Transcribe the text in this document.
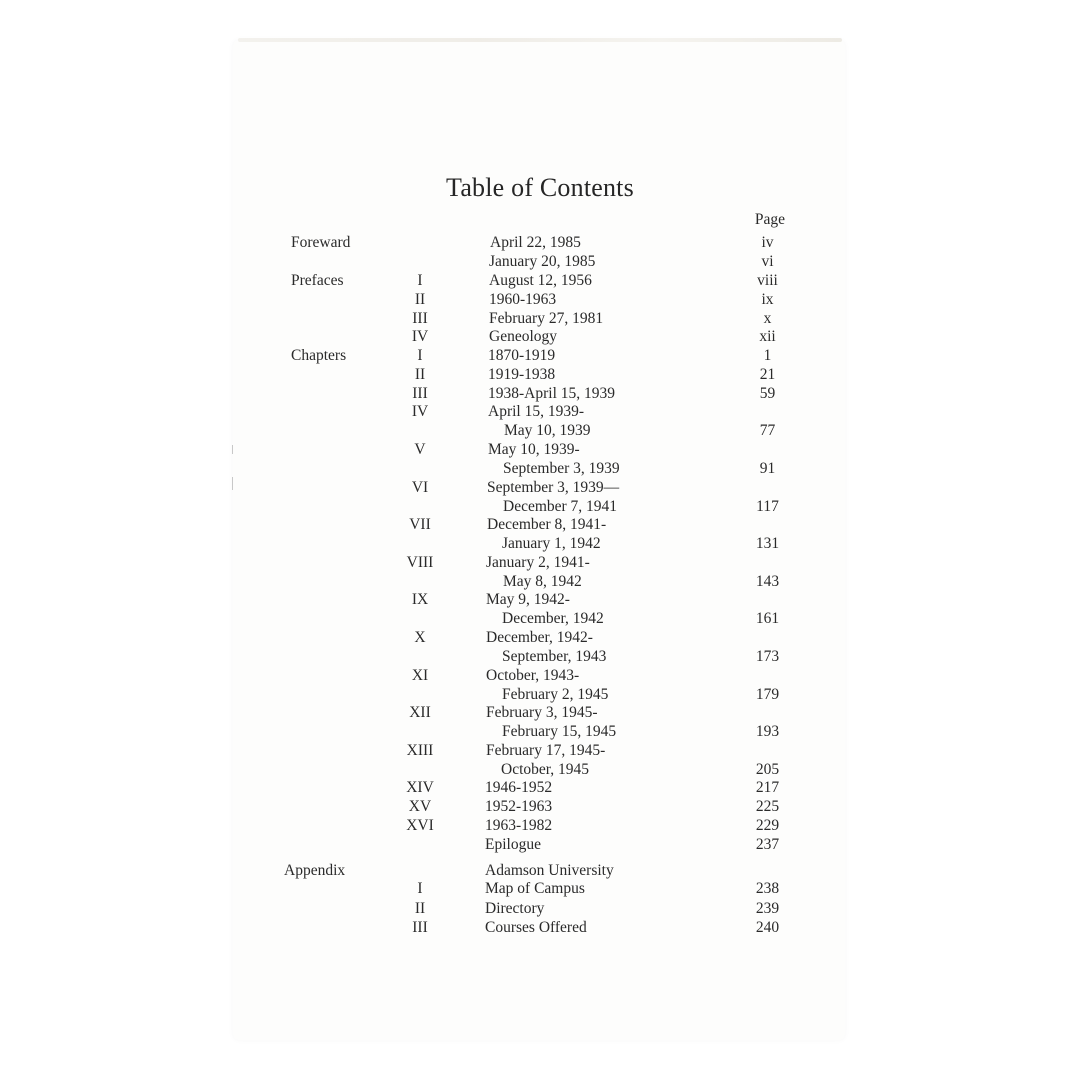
Table of Contents
Page
Foreward	April 22, 1985	iv
January 20, 1985	vi
Prefaces	I	August 12, 1956	viii
II	1960-1963	ix
III	February 27, 1981	x
IV	Geneology	xii
Chapters	I	1870-1919	1
II	1919-1938	21
III	1938-April 15, 1939	59
IV	April 15, 1939-
May 10, 1939	77
V	May 10, 1939-
September 3, 1939	91
VI	September 3, 1939—
December 7, 1941	117
VII	December 8, 1941-
January 1, 1942	131
VIII	January 2, 1941-
May 8, 1942	143
IX	May 9, 1942-
December, 1942	161
X	December, 1942-
September, 1943	173
XI	October, 1943-
February 2, 1945	179
XII	February 3, 1945-
February 15, 1945	193
XIII	February 17, 1945-
October, 1945	205
XIV	1946-1952	217
XV	1952-1963	225
XVI	1963-1982	229
Epilogue	237
Appendix	Adamson University
I	Map of Campus	238
II	Directory	239
III	Courses Offered	240
